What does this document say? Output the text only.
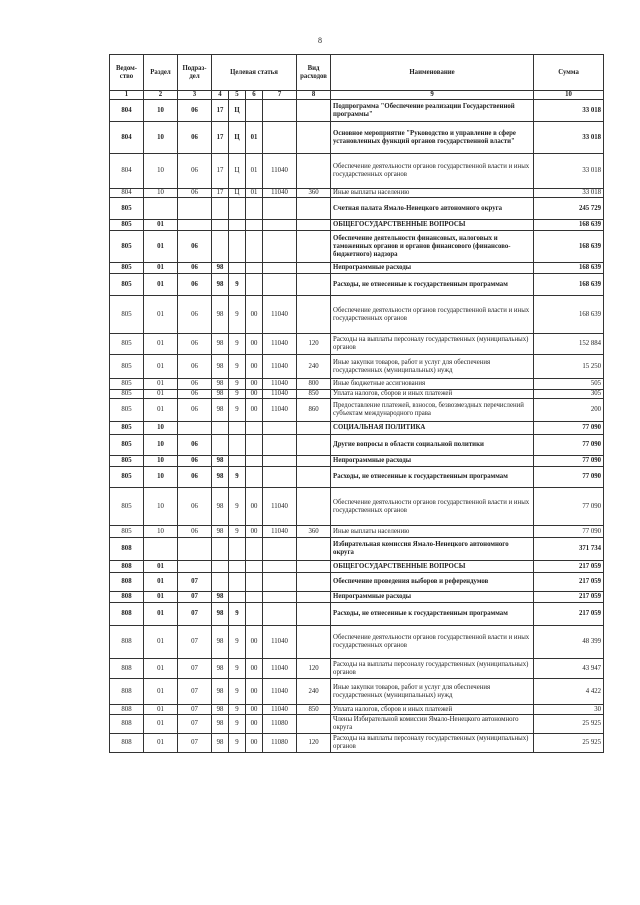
8
Ведом-ство	Раздел	Подраз-дел	Целевая статья				Вид расходов	Наименование	Сумма
1	2	3	4	5	6	7	8	9	10
804	10	06	17	Ц				Подпрограмма "Обеспечение реализации Государственной программы"	33 018
804	10	06	17	Ц	01			Основное мероприятие "Руководство и управление в сфере установленных функций органов государственной власти"	33 018
804	10	06	17	Ц	01	11040		Обеспечение деятельности органов государственной власти и иных государственных органов	33 018
804	10	06	17	Ц	01	11040	360	Иные выплаты населению	33 018
805								Счетная палата Ямало-Ненецкого автономного округа	245 729
805	01							ОБЩЕГОСУДАРСТВЕННЫЕ ВОПРОСЫ	168 639
805	01	06						Обеспечение деятельности финансовых, налоговых и таможенных органов и органов финансового (финансово-бюджетного) надзора	168 639
805	01	06	98					Непрограммные расходы	168 639
805	01	06	98	9				Расходы, не отнесенные к государственным программам	168 639
805	01	06	98	9	00	11040		Обеспечение деятельности органов государственной власти и иных государственных органов	168 639
805	01	06	98	9	00	11040	120	Расходы на выплаты персоналу государственных (муниципальных) органов	152 884
805	01	06	98	9	00	11040	240	Иные закупки товаров, работ и услуг для обеспечения государственных (муниципальных) нужд	15 250
805	01	06	98	9	00	11040	800	Иные бюджетные ассигнования	505
805	01	06	98	9	00	11040	850	Уплата налогов, сборов и иных платежей	305
805	01	06	98	9	00	11040	860	Предоставление платежей, взносов, безвозмездных перечислений субъектам международного права	200
805	10							СОЦИАЛЬНАЯ ПОЛИТИКА	77 090
805	10	06						Другие вопросы в области социальной политики	77 090
805	10	06	98					Непрограммные расходы	77 090
805	10	06	98	9				Расходы, не отнесенные к государственным программам	77 090
805	10	06	98	9	00	11040		Обеспечение деятельности органов государственной власти и иных государственных органов	77 090
805	10	06	98	9	00	11040	360	Иные выплаты населению	77 090
808								Избирательная комиссия Ямало-Ненецкого автономного округа	371 734
808	01							ОБЩЕГОСУДАРСТВЕННЫЕ ВОПРОСЫ	217 059
808	01	07						Обеспечение проведения выборов и референдумов	217 059
808	01	07	98					Непрограммные расходы	217 059
808	01	07	98	9				Расходы, не отнесенные к государственным программам	217 059
808	01	07	98	9	00	11040		Обеспечение деятельности органов государственной власти и иных государственных органов	48 399
808	01	07	98	9	00	11040	120	Расходы на выплаты персоналу государственных (муниципальных) органов	43 947
808	01	07	98	9	00	11040	240	Иные закупки товаров, работ и услуг для обеспечения государственных (муниципальных) нужд	4 422
808	01	07	98	9	00	11040	850	Уплата налогов, сборов и иных платежей	30
808	01	07	98	9	00	11080		Члены Избирательной комиссии Ямало-Ненецкого автономного округа	25 925
808	01	07	98	9	00	11080	120	Расходы на выплаты персоналу государственных (муниципальных) органов	25 925
